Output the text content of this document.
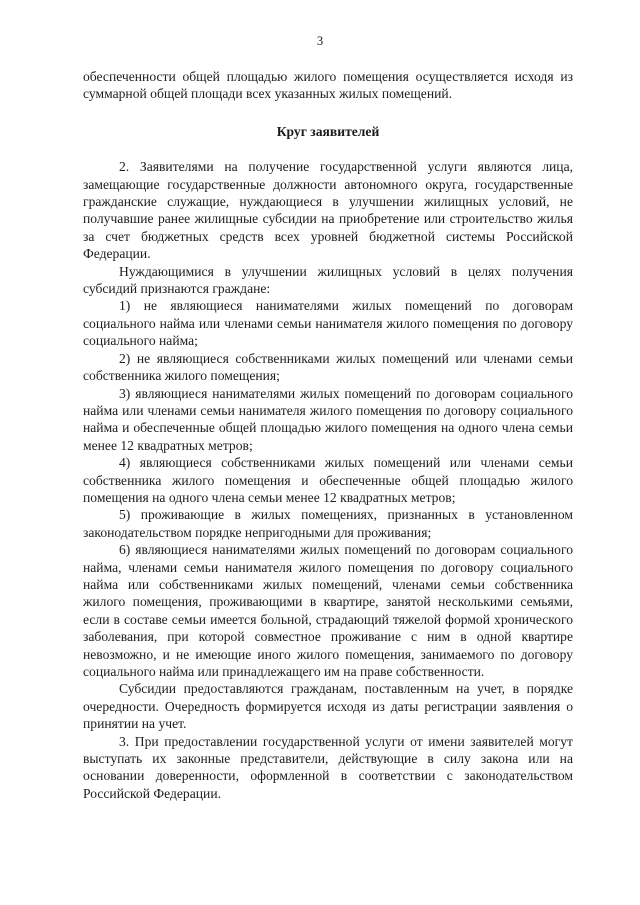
3

обеспеченности общей площадью жилого помещения осуществляется исходя из суммарной общей площади всех указанных жилых помещений.

Круг заявителей

2. Заявителями на получение государственной услуги являются лица, замещающие государственные должности автономного округа, государственные гражданские служащие, нуждающиеся в улучшении жилищных условий, не получавшие ранее жилищные субсидии на приобретение или строительство жилья за счет бюджетных средств всех уровней бюджетной системы Российской Федерации.

Нуждающимися в улучшении жилищных условий в целях получения субсидий признаются граждане:

1) не являющиеся нанимателями жилых помещений по договорам социального найма или членами семьи нанимателя жилого помещения по договору социального найма;

2) не являющиеся собственниками жилых помещений или членами семьи собственника жилого помещения;

3) являющиеся нанимателями жилых помещений по договорам социального найма или членами семьи нанимателя жилого помещения по договору социального найма и обеспеченные общей площадью жилого помещения на одного члена семьи менее 12 квадратных метров;

4) являющиеся собственниками жилых помещений или членами семьи собственника жилого помещения и обеспеченные общей площадью жилого помещения на одного члена семьи менее 12 квадратных метров;

5) проживающие в жилых помещениях, признанных в установленном законодательством порядке непригодными для проживания;

6) являющиеся нанимателями жилых помещений по договорам социального найма, членами семьи нанимателя жилого помещения по договору социального найма или собственниками жилых помещений, членами семьи собственника жилого помещения, проживающими в квартире, занятой несколькими семьями, если в составе семьи имеется больной, страдающий тяжелой формой хронического заболевания, при которой совместное проживание с ним в одной квартире невозможно, и не имеющие иного жилого помещения, занимаемого по договору социального найма или принадлежащего им на праве собственности.

Субсидии предоставляются гражданам, поставленным на учет, в порядке очередности. Очередность формируется исходя из даты регистрации заявления о принятии на учет.

3. При предоставлении государственной услуги от имени заявителей могут выступать их законные представители, действующие в силу закона или на основании доверенности, оформленной в соответствии с законодательством Российской Федерации.
